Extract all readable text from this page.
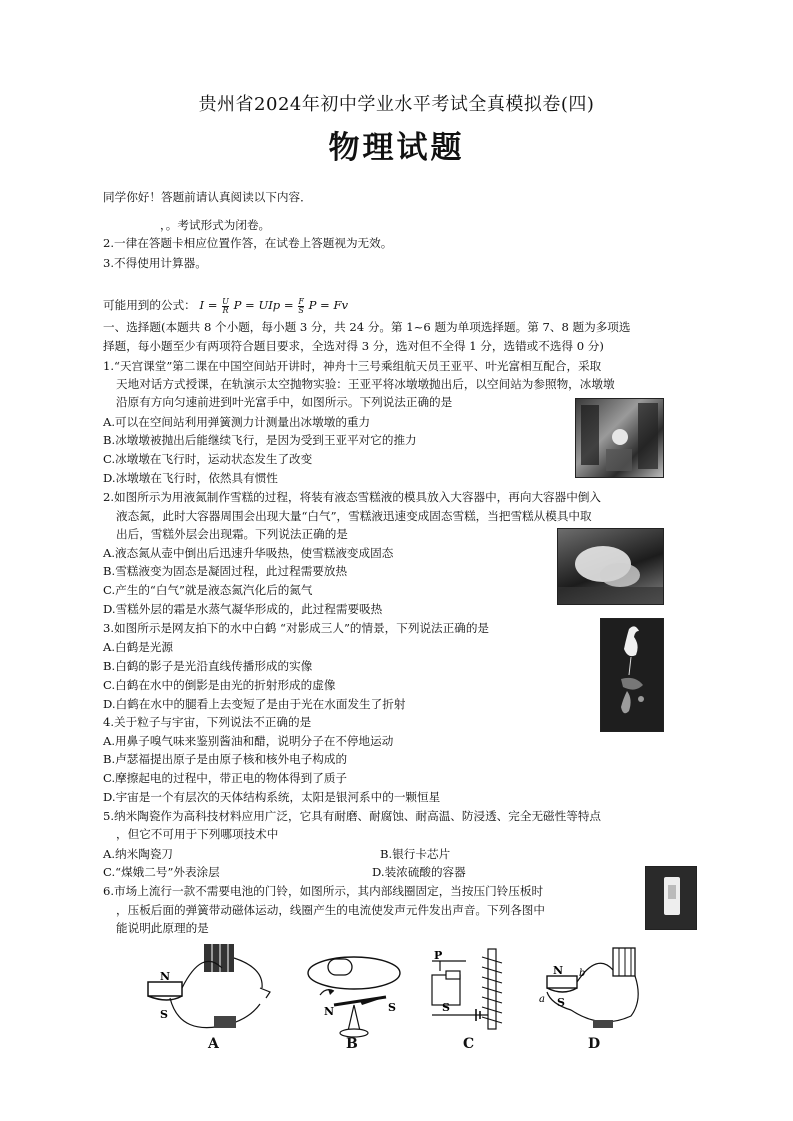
贵州省2024年初中学业水平考试全真模拟卷(四)
物理试题
同学你好！答题前请认真阅读以下内容．
，。考试形式为闭卷。
2.一律在答题卡相应位置作答，在试卷上答题视为无效。
3.不得使用计算器。
可能用到的公式： $I = \frac{U}{R}$ P = UIp = $\frac{F}{S}$ P = Fv
一、选择题(本题共 8 个小题，每小题 3 分，共 24 分。第 1~6 题为单项选择题。第 7、8 题为多项选
择题，每小题至少有两项符合题目要求，全选对得 3 分，选对但不全得 1 分，选错或不选得 0 分)
1.“天宫课堂”第二课在中国空间站开讲时，神舟十三号乘组航天员王亚平、叶光富相互配合，采取
天地对话方式授课，在轨演示太空抛物实验：王亚平将冰墩墩抛出后，以空间站为参照物，冰墩墩
沿原有方向匀速前进到叶光富手中，如图所示。下列说法正确的是
A.可以在空间站利用弹簧测力计测量出冰墩墩的重力
B.冰墩墩被抛出后能继续飞行，是因为受到王亚平对它的推力
C.冰墩墩在飞行时，运动状态发生了改变
D.冰墩墩在飞行时，依然具有惯性
2.如图所示为用液氮制作雪糕的过程，将装有液态雪糕液的模具放入大容器中，再向大容器中倒入
液态氮，此时大容器周围会出现大量“白气”，雪糕液迅速变成固态雪糕，当把雪糕从模具中取
出后，雪糕外层会出现霜。下列说法正确的是
A.液态氮从壶中倒出后迅速升华吸热，使雪糕液变成固态
B.雪糕液变为固态是凝固过程，此过程需要放热
C.产生的“白气”就是液态氮汽化后的氮气
D.雪糕外层的霜是水蒸气凝华形成的，此过程需要吸热
3.如图所示是网友拍下的水中白鹤 “对影成三人”的情景，下列说法正确的是
A.白鹤是光源
B.白鹤的影子是光沿直线传播形成的实像
C.白鹤在水中的倒影是由光的折射形成的虚像
D.白鹤在水中的腿看上去变短了是由于光在水面发生了折射
4.关于粒子与宇宙，下列说法不正确的是
A.用鼻子嗅气味来鉴别酱油和醋，说明分子在不停地运动
B.卢瑟福提出原子是由原子核和核外电子构成的
C.摩擦起电的过程中，带正电的物体得到了质子
D.宇宙是一个有层次的天体结构系统，太阳是银河系中的一颗恒星
5.纳米陶瓷作为高科技材料应用广泛，它具有耐磨、耐腐蚀、耐高温、防浸透、完全无磁性等特点
，但它不可用于下列哪项技术中
A.纳米陶瓷刀	B.银行卡芯片
C.“煤娥二号”外表涂层	D.装浓硫酸的容器
6.市场上流行一款不需要电池的门铃，如图所示，其内部线圈固定，当按压门铃压板时
，压板后面的弹簧带动磁体运动，线圈产生的电流使发声元件发出声音。下列各图中
能说明此原理的是
N
S
A
N	S
B
P
S
C
N
S
b
a
D
